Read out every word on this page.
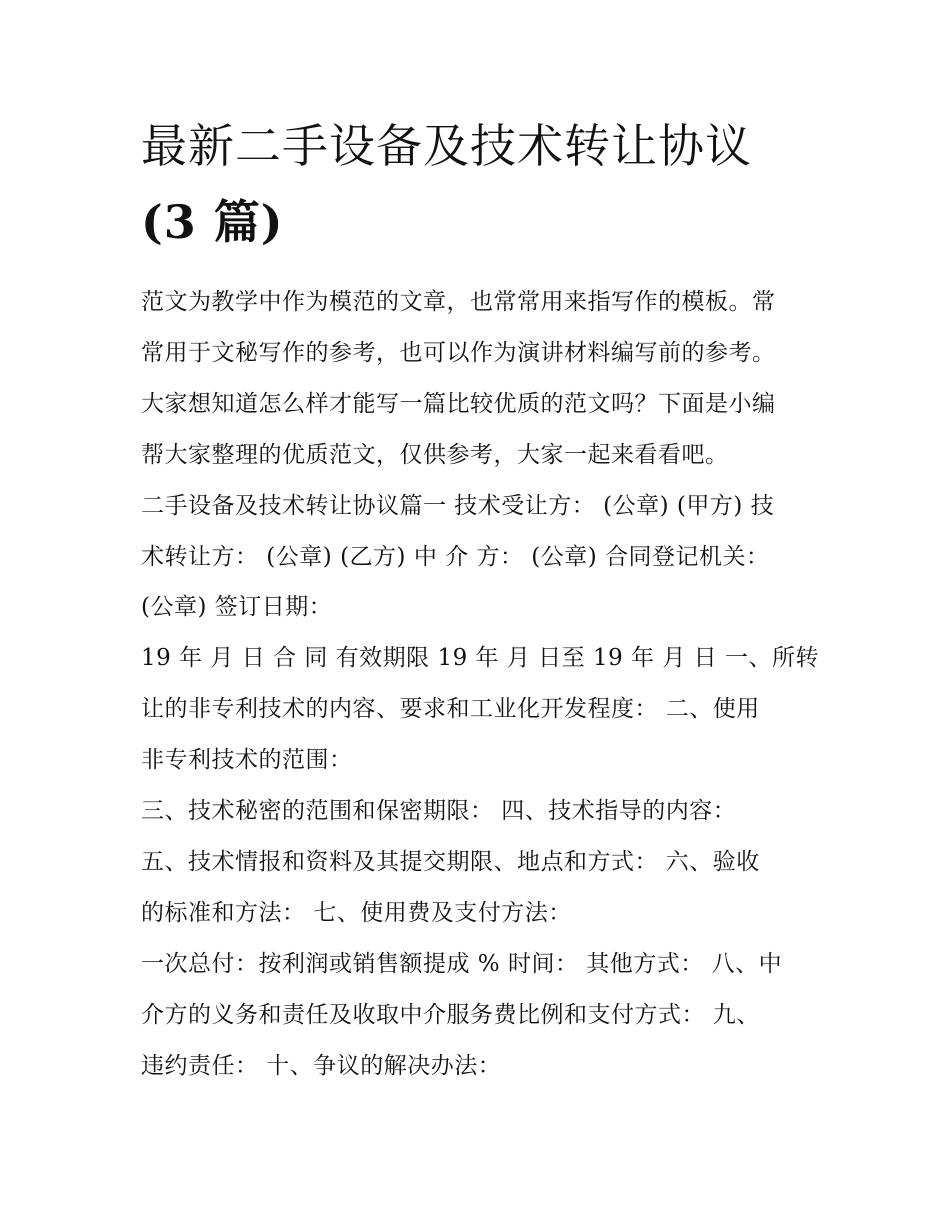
最新二手设备及技术转让协议
(3 篇)

范文为教学中作为模范的文章，也常常用来指写作的模板。常
常用于文秘写作的参考，也可以作为演讲材料编写前的参考。
大家想知道怎么样才能写一篇比较优质的范文吗？下面是小编
帮大家整理的优质范文，仅供参考，大家一起来看看吧。

二手设备及技术转让协议篇一 技术受让方： (公章) (甲方) 技
术转让方： (公章) (乙方) 中 介 方： (公章) 合同登记机关：
(公章) 签订日期：

19 年 月 日 合 同 有效期限 19 年 月 日至 19 年 月 日 一、所转
让的非专利技术的内容、要求和工业化开发程度： 二、使用
非专利技术的范围：

三、技术秘密的范围和保密期限： 四、技术指导的内容：

五、技术情报和资料及其提交期限、地点和方式： 六、验收
的标准和方法： 七、使用费及支付方法：

一次总付：按利润或销售额提成 % 时间： 其他方式： 八、中
介方的义务和责任及收取中介服务费比例和支付方式： 九、
违约责任： 十、争议的解决办法：
